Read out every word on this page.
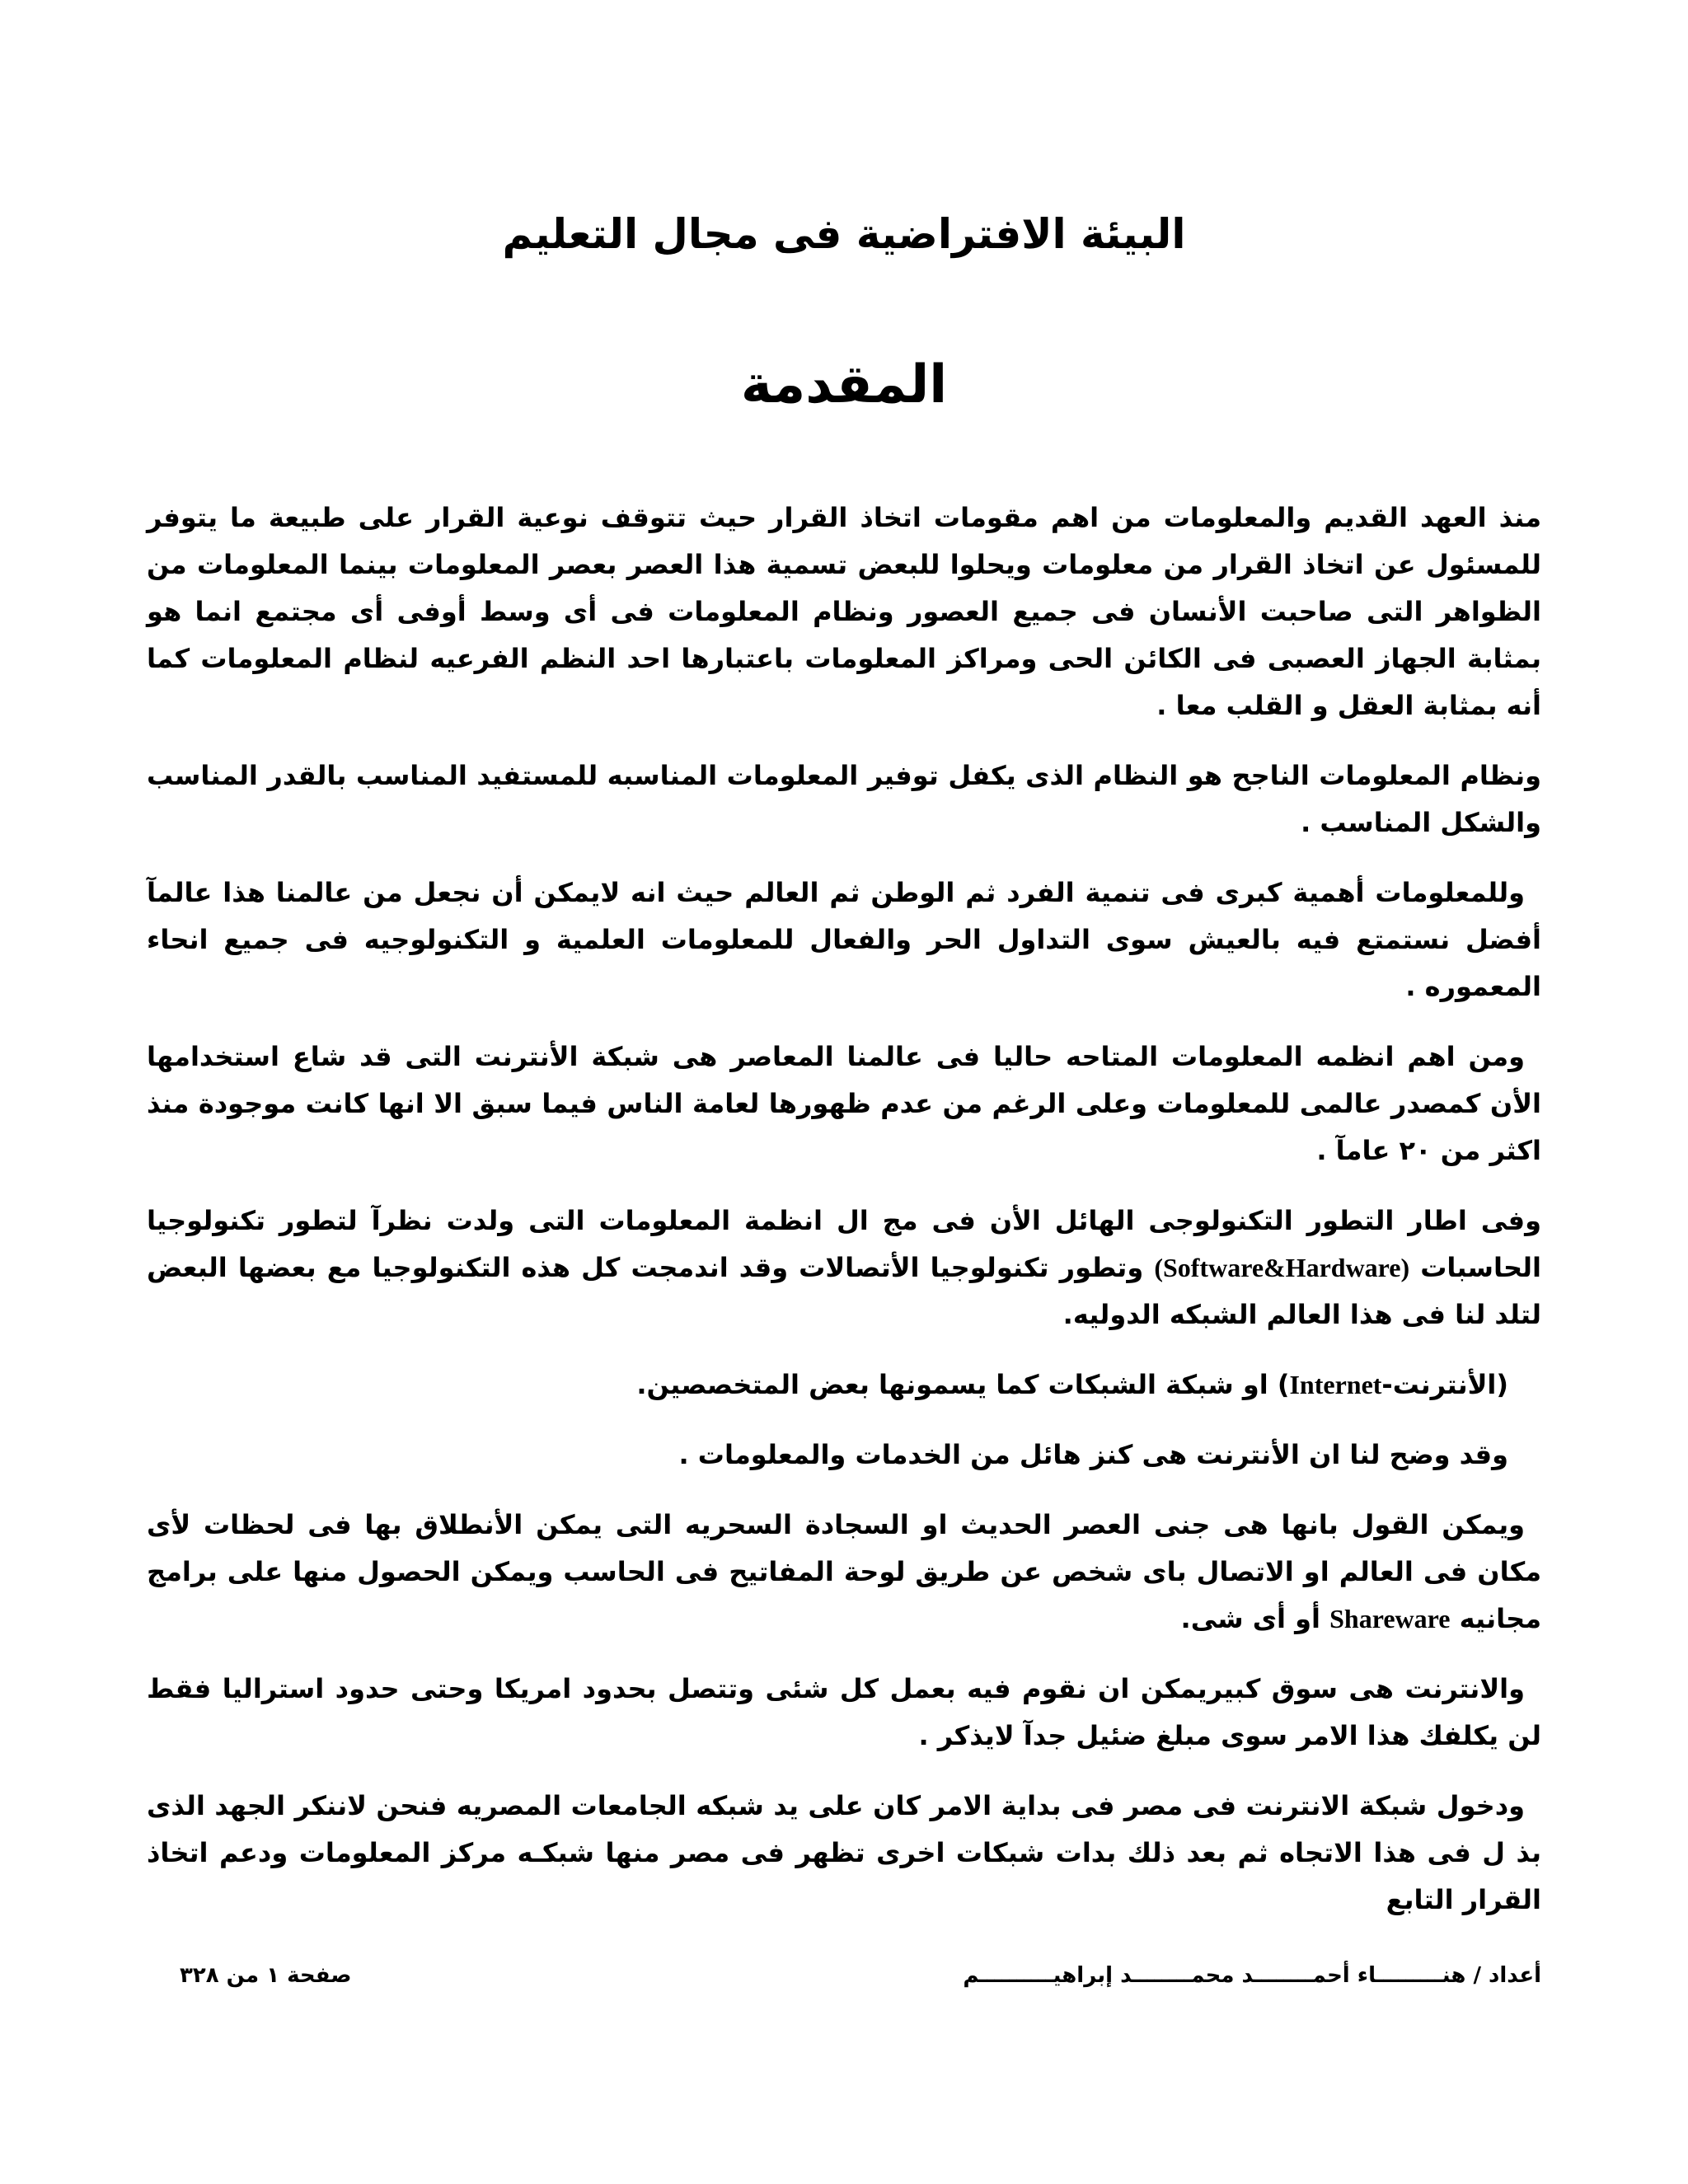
البيئة الافتراضية فى مجال التعليم
المقدمة

منذ العهد القديم والمعلومات من اهم مقومات اتخاذ القرار حيث تتوقف نوعية القرار على طبيعة ما يتوفر للمسئول عن اتخاذ القرار من معلومات ويحلوا للبعض تسمية هذا العصر بعصر المعلومات بينما المعلومات من الظواهر التى صاحبت الأنسان فى جميع العصور ونظام المعلومات فى أى وسط أوفى أى مجتمع انما هو بمثابة الجهاز العصبى فى الكائن الحى ومراكز المعلومات باعتبارها احد النظم الفرعيه لنظام المعلومات كما أنه بمثابة العقل و القلب معا .

ونظام المعلومات الناجح هو النظام الذى يكفل توفير المعلومات المناسبه للمستفيد المناسب بالقدر المناسب والشكل المناسب .

وللمعلومات أهمية كبرى فى تنمية الفرد ثم الوطن ثم العالم حيث انه لايمكن أن نجعل من عالمنا هذا عالمآ أفضل نستمتع فيه بالعيش سوى التداول الحر والفعال للمعلومات العلمية و التكنولوجيه فى جميع انحاء المعموره .

ومن اهم انظمه المعلومات المتاحه حاليا فى عالمنا المعاصر هى شبكة الأنترنت التى قد شاع استخدامها الأن كمصدر عالمى للمعلومات وعلى الرغم من عدم ظهورها لعامة الناس فيما سبق الا انها كانت موجودة منذ اكثر من ٢٠ عامآ .

وفى اطار التطور التكنولوجى الهائل الأن فى مج ال انظمة المعلومات التى ولدت نظرآ لتطور تكنولوجيا الحاسبات (Software&Hardware) وتطور تكنولوجيا الأتصالات وقد اندمجت كل هذه التكنولوجيا مع بعضها البعض لتلد لنا فى هذا العالم الشبكه الدوليه.

(الأنترنت-Internet) او شبكة الشبكات كما يسمونها بعض المتخصصين.

وقد وضح لنا ان الأنترنت هى كنز هائل من الخدمات والمعلومات .

ويمكن القول بانها هى جنى العصر الحديث او السجادة السحريه التى يمكن الأنطلاق بها فى لحظات لأى مكان فى العالم او الاتصال باى شخص عن طريق لوحة المفاتيح فى الحاسب ويمكن الحصول منها على برامج مجانيه Shareware أو أى شى.

والانترنت هى سوق كبيريمكن ان نقوم فيه بعمل كل شئى وتتصل بحدود امريكا وحتى حدود استراليا فقط لن يكلفك هذا الامر سوى مبلغ ضئيل جدآ لايذكر .

ودخول شبكة الانترنت فى مصر فى بداية الامر كان على يد شبكه الجامعات المصريه فنحن لاننكر الجهد الذى بذ ل فى هذا الاتجاه ثم بعد ذلك بدات شبكات اخرى تظهر فى مصر منها شبكـه مركز المعلومات ودعم اتخاذ القرار التابع

أعداد / هنـــــــــاء أحمــــــــد محمــــــــد إبراهيــــــــــم
صفحة ١ من ٣٢٨
